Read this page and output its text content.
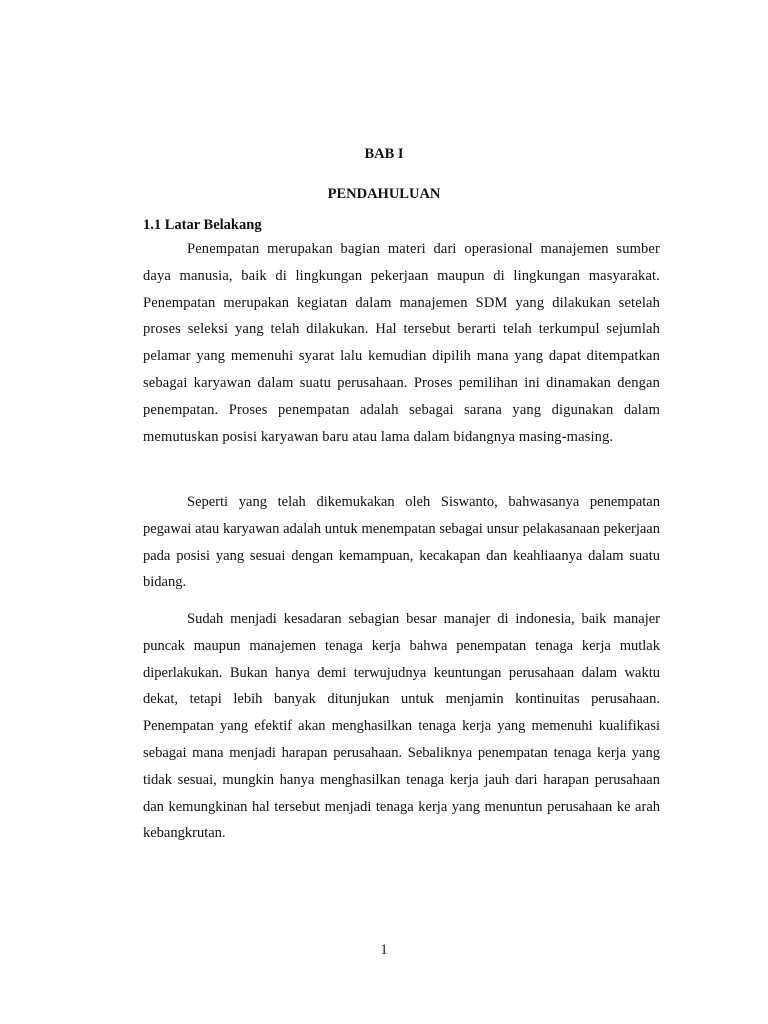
BAB I
PENDAHULUAN
1.1 Latar Belakang

Penempatan merupakan bagian materi dari operasional manajemen sumber daya manusia, baik di lingkungan pekerjaan maupun di lingkungan masyarakat. Penempatan merupakan kegiatan dalam manajemen SDM yang dilakukan setelah proses seleksi yang telah dilakukan. Hal tersebut berarti telah terkumpul sejumlah pelamar yang memenuhi syarat lalu kemudian dipilih mana yang dapat ditempatkan sebagai karyawan dalam suatu perusahaan. Proses pemilihan ini dinamakan dengan penempatan. Proses penempatan adalah sebagai sarana yang digunakan dalam memutuskan posisi karyawan baru atau lama dalam bidangnya masing-masing.

Seperti yang telah dikemukakan oleh Siswanto, bahwasanya penempatan pegawai atau karyawan adalah untuk menempatan sebagai unsur pelakasanaan pekerjaan pada posisi yang sesuai dengan kemampuan, kecakapan dan keahliaanya dalam suatu bidang.

Sudah menjadi kesadaran sebagian besar manajer di indonesia, baik manajer puncak maupun manajemen tenaga kerja bahwa penempatan tenaga kerja mutlak diperlakukan. Bukan hanya demi terwujudnya keuntungan perusahaan dalam waktu dekat, tetapi lebih banyak ditunjukan untuk menjamin kontinuitas perusahaan. Penempatan yang efektif akan menghasilkan tenaga kerja yang memenuhi kualifikasi sebagai mana menjadi harapan perusahaan. Sebaliknya penempatan tenaga kerja yang tidak sesuai, mungkin hanya menghasilkan tenaga kerja jauh dari harapan perusahaan dan kemungkinan hal tersebut menjadi tenaga kerja yang menuntun perusahaan ke arah kebangkrutan.

1
